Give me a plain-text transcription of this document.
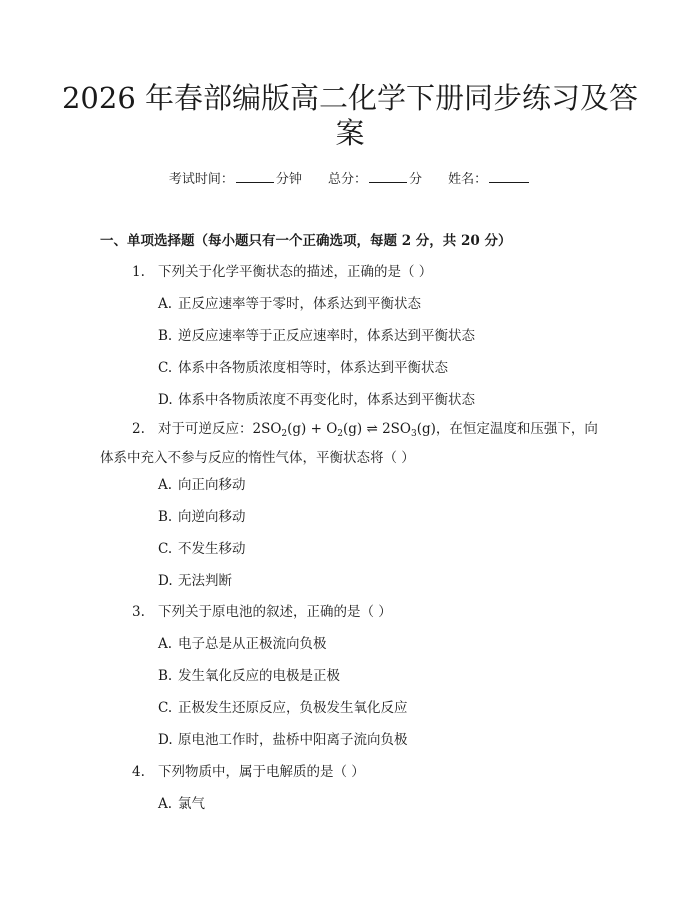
2026 年春部编版高二化学下册同步练习及答
案
考试时间：	分钟 总分：	分 姓名：
一、单项选择题（每小题只有一个正确选项，每题 2 分，共 20 分）
1. 下列关于化学平衡状态的描述，正确的是（ ）
A. 正反应速率等于零时，体系达到平衡状态
B. 逆反应速率等于正反应速率时，体系达到平衡状态
C. 体系中各物质浓度相等时，体系达到平衡状态
D. 体系中各物质浓度不再变化时，体系达到平衡状态
2. 对于可逆反应：$2SO_2(g) + O_2(g)$ ⇌ $2SO_3(g)$，在恒定温度和压强下，向体系中充入不参与反应的惰性气体，平衡状态将（ ）
A. 向正向移动
B. 向逆向移动
C. 不发生移动
D. 无法判断
3. 下列关于原电池的叙述，正确的是（ ）
A. 电子总是从正极流向负极
B. 发生氧化反应的电极是正极
C. 正极发生还原反应，负极发生氧化反应
D. 原电池工作时，盐桥中阳离子流向负极
4. 下列物质中，属于电解质的是（ ）
A. 氯气
